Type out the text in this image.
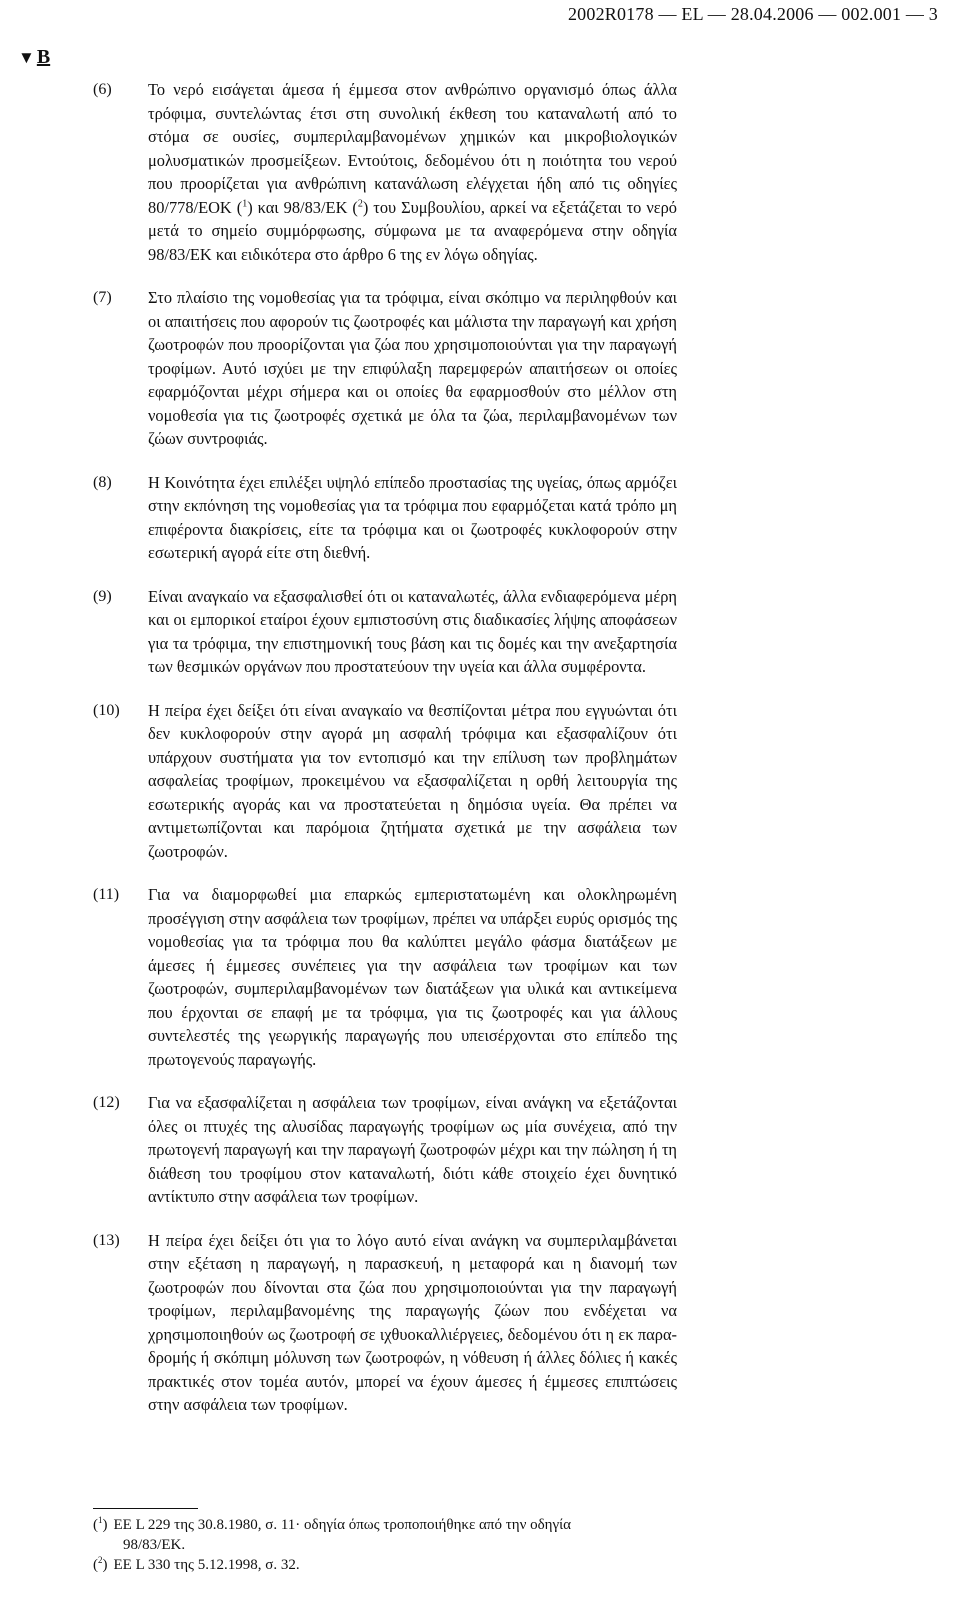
2002R0178 — EL — 28.04.2006 — 002.001 — 3
▼ B
(6) Το νερό εισάγεται άμεσα ή έμμεσα στον ανθρώπινο οργανισμό όπως άλλα τρόφιμα, συντελώντας έτσι στη συνολική έκθεση του καταναλωτή από το στόμα σε ουσίες, συμπεριλαμβανομένων χημικών και μικροβιολογικών μολυσματικών προσμείξεων. Εντούτοις, δεδομένου ότι η ποιότητα του νερού που προορίζεται για ανθρώπινη κατανάλωση ελέγχεται ήδη από τις οδηγίες 80/778/ΕΟΚ ($^1$) και 98/83/ΕΚ ($^2$) του Συμβουλίου, αρκεί να εξετάζεται το νερό μετά το σημείο συμμόρφωσης, σύμφωνα με τα αναφερόμενα στην οδηγία 98/83/ΕΚ και ειδικότερα στο άρθρο 6 της εν λόγω οδηγίας.
(7) Στο πλαίσιο της νομοθεσίας για τα τρόφιμα, είναι σκόπιμο να περιληφθούν και οι απαιτήσεις που αφορούν τις ζωοτροφές και μάλιστα την παραγωγή και χρήση ζωοτροφών που προορίζονται για ζώα που χρησιμοποιούνται για την παραγωγή τροφίμων. Αυτό ισχύει με την επιφύλαξη παρεμφερών απαιτήσεων οι οποίες εφαρμόζονται μέχρι σήμερα και οι οποίες θα εφαρμοσθούν στο μέλλον στη νομοθεσία για τις ζωοτροφές σχετικά με όλα τα ζώα, περιλαμβανομένων των ζώων συντροφιάς.
(8) Η Κοινότητα έχει επιλέξει υψηλό επίπεδο προστασίας της υγείας, όπως αρμόζει στην εκπόνηση της νομοθεσίας για τα τρόφιμα που εφαρμόζεται κατά τρόπο μη επιφέροντα διακρίσεις, είτε τα τρόφιμα και οι ζωοτροφές κυκλοφορούν στην εσωτερική αγορά είτε στη διεθνή.
(9) Είναι αναγκαίο να εξασφαλισθεί ότι οι καταναλωτές, άλλα ενδιαφερόμενα μέρη και οι εμπορικοί εταίροι έχουν εμπιστοσύνη στις διαδικασίες λήψης αποφάσεων για τα τρόφιμα, την επιστημονική τους βάση και τις δομές και την ανεξαρτησία των θεσμικών οργάνων που προστατεύουν την υγεία και άλλα συμφέροντα.
(10) Η πείρα έχει δείξει ότι είναι αναγκαίο να θεσπίζονται μέτρα που εγγυώνται ότι δεν κυκλοφορούν στην αγορά μη ασφαλή τρόφιμα και εξασφαλίζουν ότι υπάρχουν συστήματα για τον εντοπισμό και την επίλυση των προβλημάτων ασφαλείας τροφίμων, προκειμένου να εξασφαλίζεται η ορθή λειτουργία της εσωτερικής αγοράς και να προστατεύεται η δημόσια υγεία. Θα πρέπει να αντιμετωπίζονται και παρόμοια ζητήματα σχετικά με την ασφάλεια των ζωοτροφών.
(11) Για να διαμορφωθεί μια επαρκώς εμπεριστατωμένη και ολοκληρωμένη προσέγγιση στην ασφάλεια των τροφίμων, πρέπει να υπάρξει ευρύς ορισμός της νομοθεσίας για τα τρόφιμα που θα καλύπτει μεγάλο φάσμα διατάξεων με άμεσες ή έμμεσες συνέπειες για την ασφάλεια των τροφίμων και των ζωοτροφών, συμπεριλαμβανομένων των διατάξεων για υλικά και αντικείμενα που έρχονται σε επαφή με τα τρόφιμα, για τις ζωοτροφές και για άλλους συντελεστές της γεωργικής παραγωγής που υπεισέρχονται στο επίπεδο της πρωτογενούς παραγωγής.
(12) Για να εξασφαλίζεται η ασφάλεια των τροφίμων, είναι ανάγκη να εξετάζονται όλες οι πτυχές της αλυσίδας παραγωγής τροφίμων ως μία συνέχεια, από την πρωτογενή παραγωγή και την παραγωγή ζωοτροφών μέχρι και την πώληση ή τη διάθεση του τροφίμου στον καταναλωτή, διότι κάθε στοιχείο έχει δυνητικό αντίκτυπο στην ασφάλεια των τροφίμων.
(13) Η πείρα έχει δείξει ότι για το λόγο αυτό είναι ανάγκη να συμπεριλαμβάνεται στην εξέταση η παραγωγή, η παρασκευή, η μεταφορά και η διανομή των ζωοτροφών που δίνονται στα ζώα που χρησιμοποιούνται για την παραγωγή τροφίμων, περιλαμβανομένης της παραγωγής ζώων που ενδέχεται να χρησιμοποιηθούν ως ζωοτροφή σε ιχθυοκαλλιέργειες, δεδομένου ότι η εκ παραδρομής ή σκόπιμη μόλυνση των ζωοτροφών, η νόθευση ή άλλες δόλιες ή κακές πρακτικές στον τομέα αυτόν, μπορεί να έχουν άμεσες ή έμμεσες επιπτώσεις στην ασφάλεια των τροφίμων.
($^1$) ΕΕ L 229 της 30.8.1980, σ. 11· οδηγία όπως τροποποιήθηκε από την οδηγία
98/83/ΕΚ.
($^2$) ΕΕ L 330 της 5.12.1998, σ. 32.
